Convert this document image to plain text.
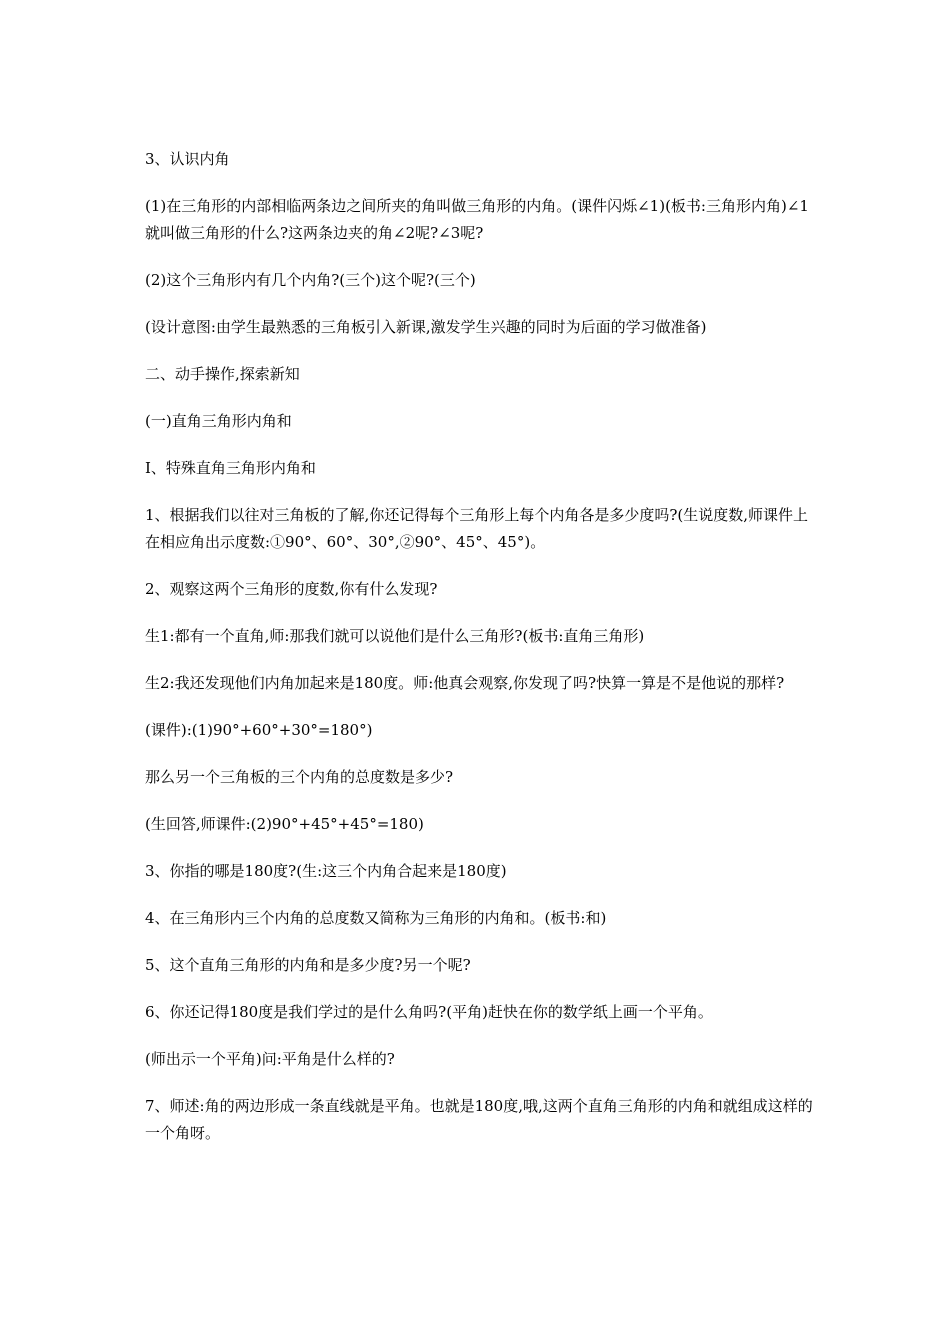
3、认识内角

(1)在三角形的内部相临两条边之间所夹的角叫做三角形的内角。(课件闪烁∠1)(板书:三角形内角)∠1就叫做三角形的什么?这两条边夹的角∠2呢?∠3呢?

(2)这个三角形内有几个内角?(三个)这个呢?(三个)

(设计意图:由学生最熟悉的三角板引入新课,激发学生兴趣的同时为后面的学习做准备)

二、动手操作,探索新知

(一)直角三角形内角和

Ⅰ、特殊直角三角形内角和

1、根据我们以往对三角板的了解,你还记得每个三角形上每个内角各是多少度吗?(生说度数,师课件上在相应角出示度数:①90°、60°、30°,②90°、45°、45°)。

2、观察这两个三角形的度数,你有什么发现?

生1:都有一个直角,师:那我们就可以说他们是什么三角形?(板书:直角三角形)

生2:我还发现他们内角加起来是180度。师:他真会观察,你发现了吗?快算一算是不是他说的那样?

(课件):(1)90°+60°+30°=180°)

那么另一个三角板的三个内角的总度数是多少?

(生回答,师课件:(2)90°+45°+45°=180)

3、你指的哪是180度?(生:这三个内角合起来是180度)

4、在三角形内三个内角的总度数又简称为三角形的内角和。(板书:和)

5、这个直角三角形的内角和是多少度?另一个呢?

6、你还记得180度是我们学过的是什么角吗?(平角)赶快在你的数学纸上画一个平角。

(师出示一个平角)问:平角是什么样的?

7、师述:角的两边形成一条直线就是平角。也就是180度,哦,这两个直角三角形的内角和就组成这样的一个角呀。
